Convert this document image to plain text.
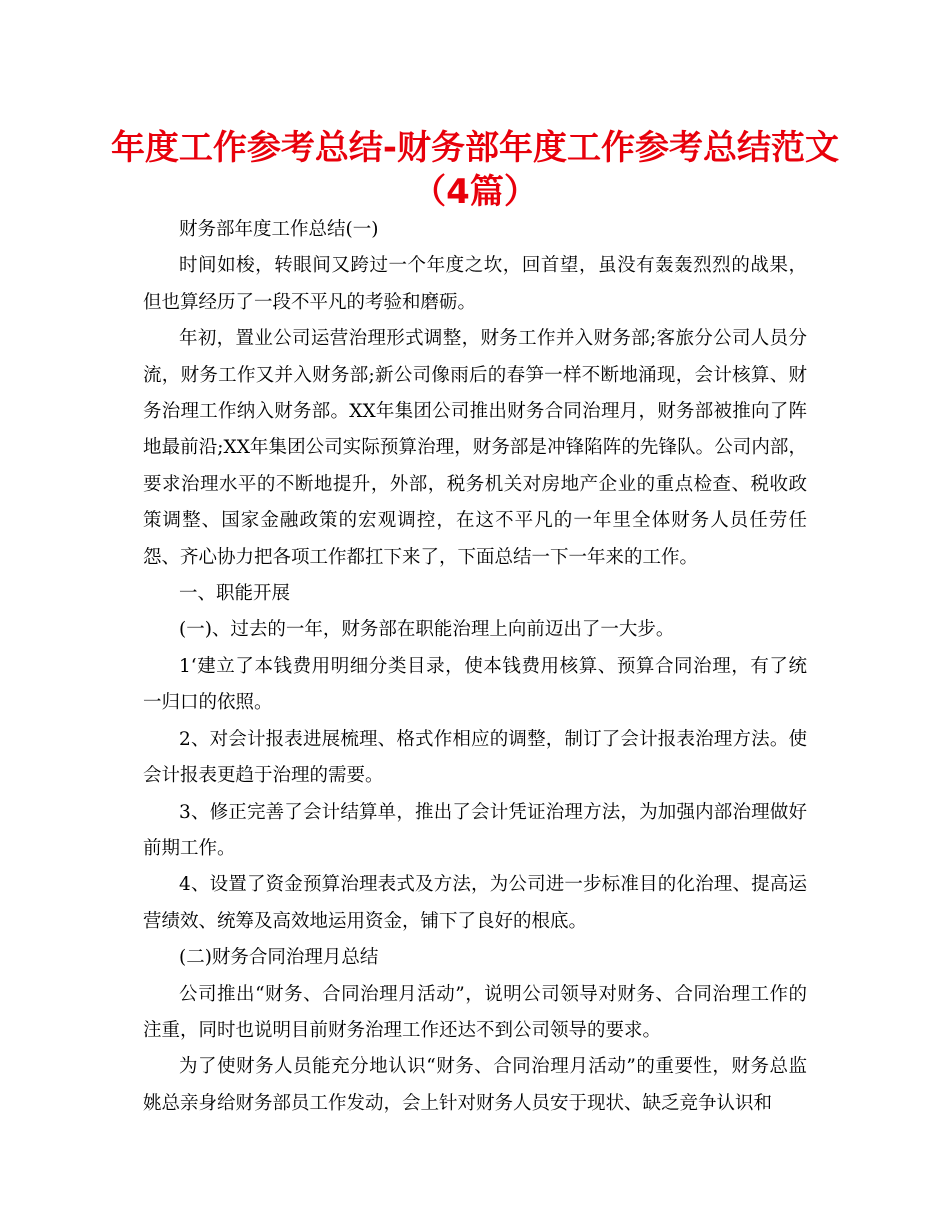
年度工作参考总结-财务部年度工作参考总结范文
（4篇）

财务部年度工作总结(一)

时间如梭，转眼间又跨过一个年度之坎，回首望，虽没有轰轰烈烈的战果，但也算经历了一段不平凡的考验和磨砺。

年初，置业公司运营治理形式调整，财务工作并入财务部;客旅分公司人员分流，财务工作又并入财务部;新公司像雨后的春笋一样不断地涌现，会计核算、财务治理工作纳入财务部。XX年集团公司推出财务合同治理月，财务部被推向了阵地最前沿;XX年集团公司实际预算治理，财务部是冲锋陷阵的先锋队。公司内部，要求治理水平的不断地提升，外部，税务机关对房地产企业的重点检查、税收政策调整、国家金融政策的宏观调控，在这不平凡的一年里全体财务人员任劳任怨、齐心协力把各项工作都扛下来了，下面总结一下一年来的工作。

一、职能开展

(一)、过去的一年，财务部在职能治理上向前迈出了一大步。

1‘建立了本钱费用明细分类目录，使本钱费用核算、预算合同治理，有了统一归口的依照。

2、对会计报表进展梳理、格式作相应的调整，制订了会计报表治理方法。使会计报表更趋于治理的需要。

3、修正完善了会计结算单，推出了会计凭证治理方法，为加强内部治理做好前期工作。

4、设置了资金预算治理表式及方法，为公司进一步标准目的化治理、提高运营绩效、统筹及高效地运用资金，铺下了良好的根底。

(二)财务合同治理月总结

公司推出“财务、合同治理月活动”，说明公司领导对财务、合同治理工作的注重，同时也说明目前财务治理工作还达不到公司领导的要求。

为了使财务人员能充分地认识“财务、合同治理月活动”的重要性，财务总监姚总亲身给财务部员工作发动，会上针对财务人员安于现状、缺乏竞争认识和
